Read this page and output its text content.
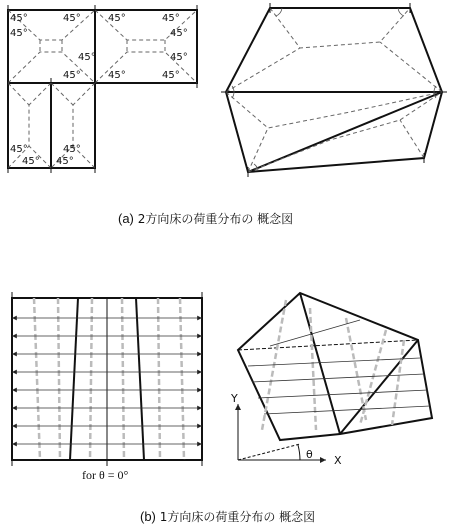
45°	45°	45°	45°
45°	45°
45°	45°
45°	45°	45°
45°	45°
45° 45°
Y
X
θ
(a) 2方向床の荷重分布の 概念図
for θ = 0°
(b) 1方向床の荷重分布の 概念図
